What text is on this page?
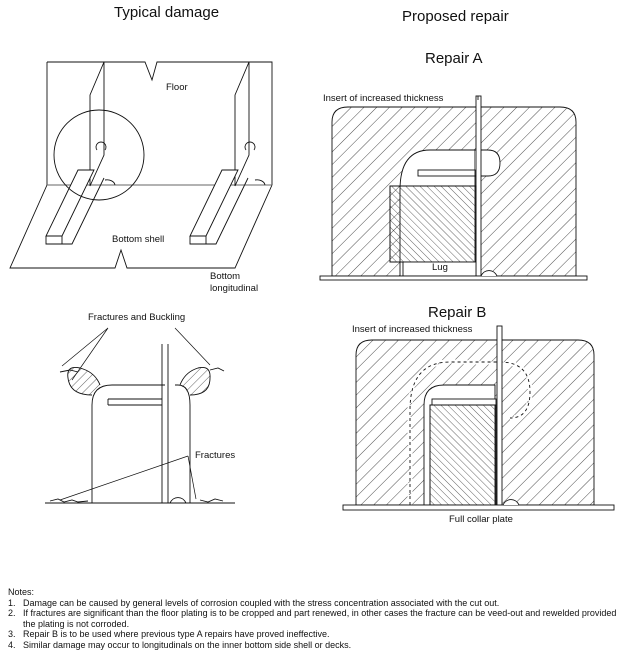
Typical damage	Proposed repair
Repair A
Repair B
Floor
Bottom shell
Bottom
longitudinal
Fractures and Buckling
Fractures
Insert of increased thickness
Lug
Insert of increased thickness
Full collar plate
Notes:
1. Damage can be caused by general levels of corrosion coupled with the stress concentration associated with the cut out.
2. If fractures are significant than the floor plating is to be cropped and part renewed, in other cases the fracture can be veed-out and rewelded provided the plating is not corroded.
3. Repair B is to be used where previous type A repairs have proved ineffective.
4. Similar damage may occur to longitudinals on the inner bottom side shell or decks.
